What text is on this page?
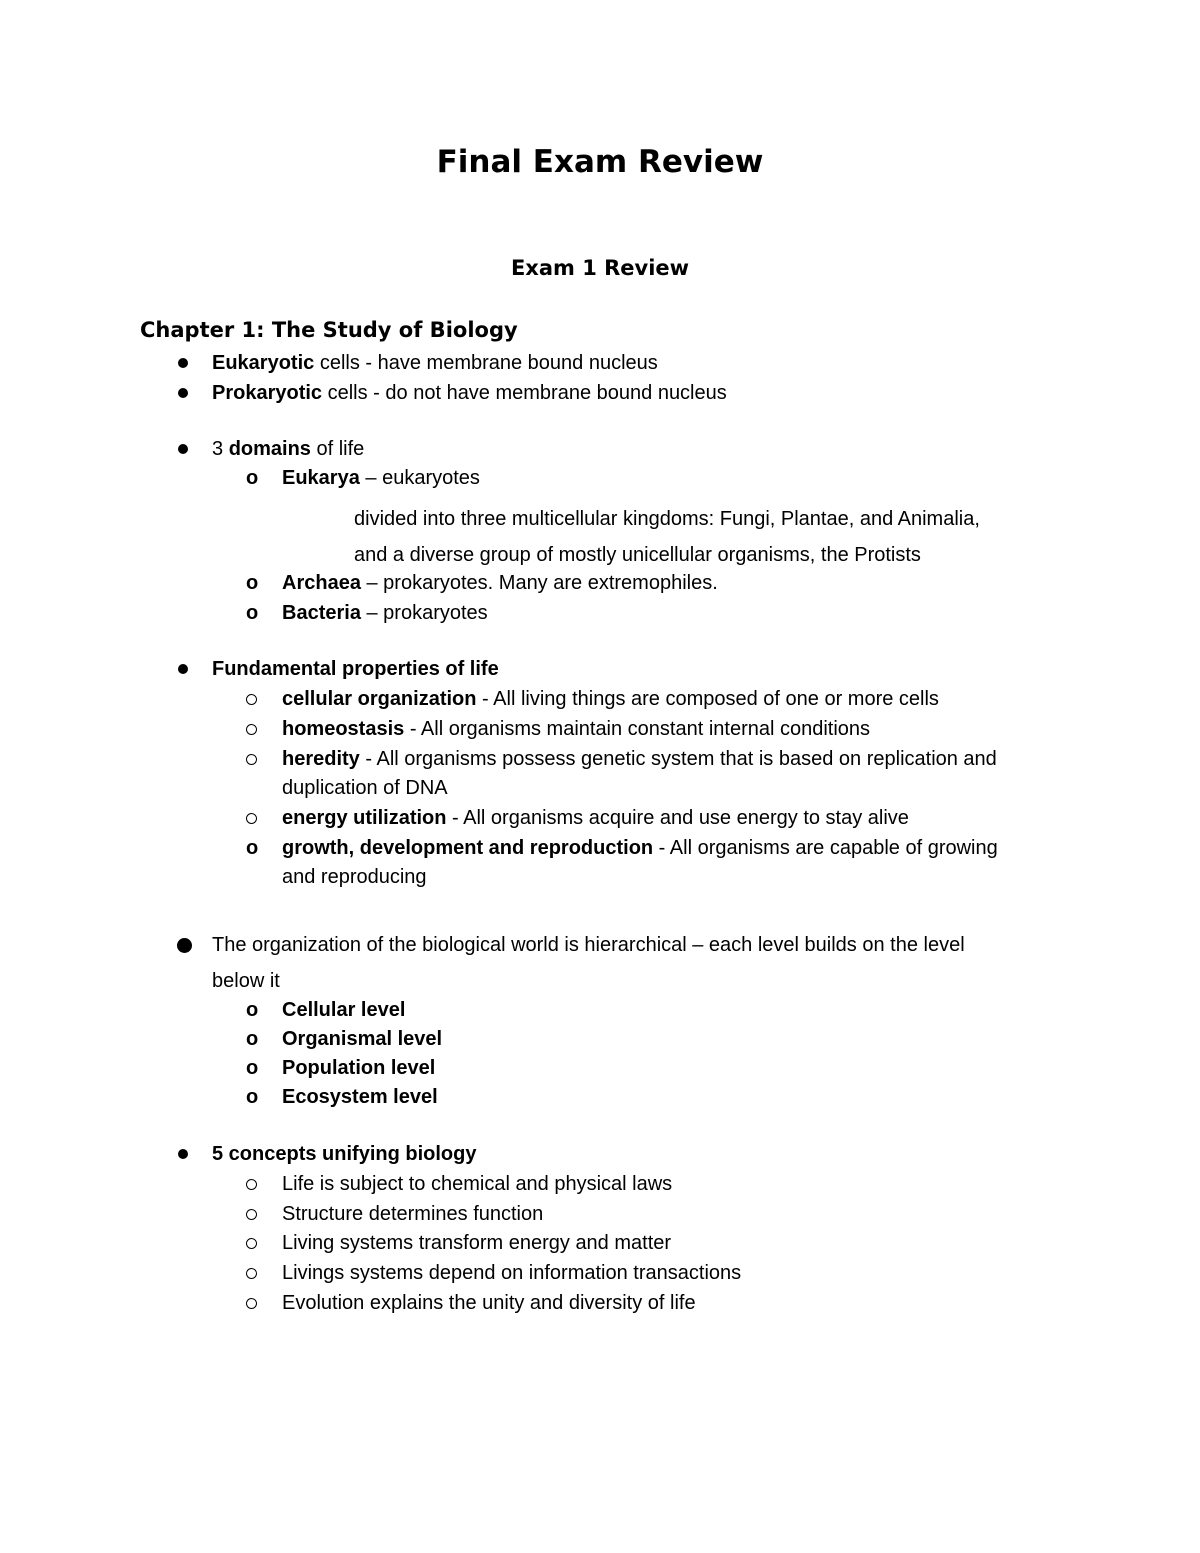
Final Exam Review
Exam 1 Review
Chapter 1: The Study of Biology
Eukaryotic cells - have membrane bound nucleus
Prokaryotic cells - do not have membrane bound nucleus
3 domains of life
o Eukarya – eukaryotes
divided into three multicellular kingdoms: Fungi, Plantae, and Animalia,
and a diverse group of mostly unicellular organisms, the Protists
o Archaea – prokaryotes. Many are extremophiles.
o Bacteria – prokaryotes
Fundamental properties of life
cellular organization - All living things are composed of one or more cells
homeostasis - All organisms maintain constant internal conditions
heredity - All organisms possess genetic system that is based on replication and
duplication of DNA
energy utilization - All organisms acquire and use energy to stay alive
o growth, development and reproduction - All organisms are capable of growing
and reproducing
The organization of the biological world is hierarchical – each level builds on the level
below it
o Cellular level
o Organismal level
o Population level
o Ecosystem level
5 concepts unifying biology
Life is subject to chemical and physical laws
Structure determines function
Living systems transform energy and matter
Livings systems depend on information transactions
Evolution explains the unity and diversity of life
